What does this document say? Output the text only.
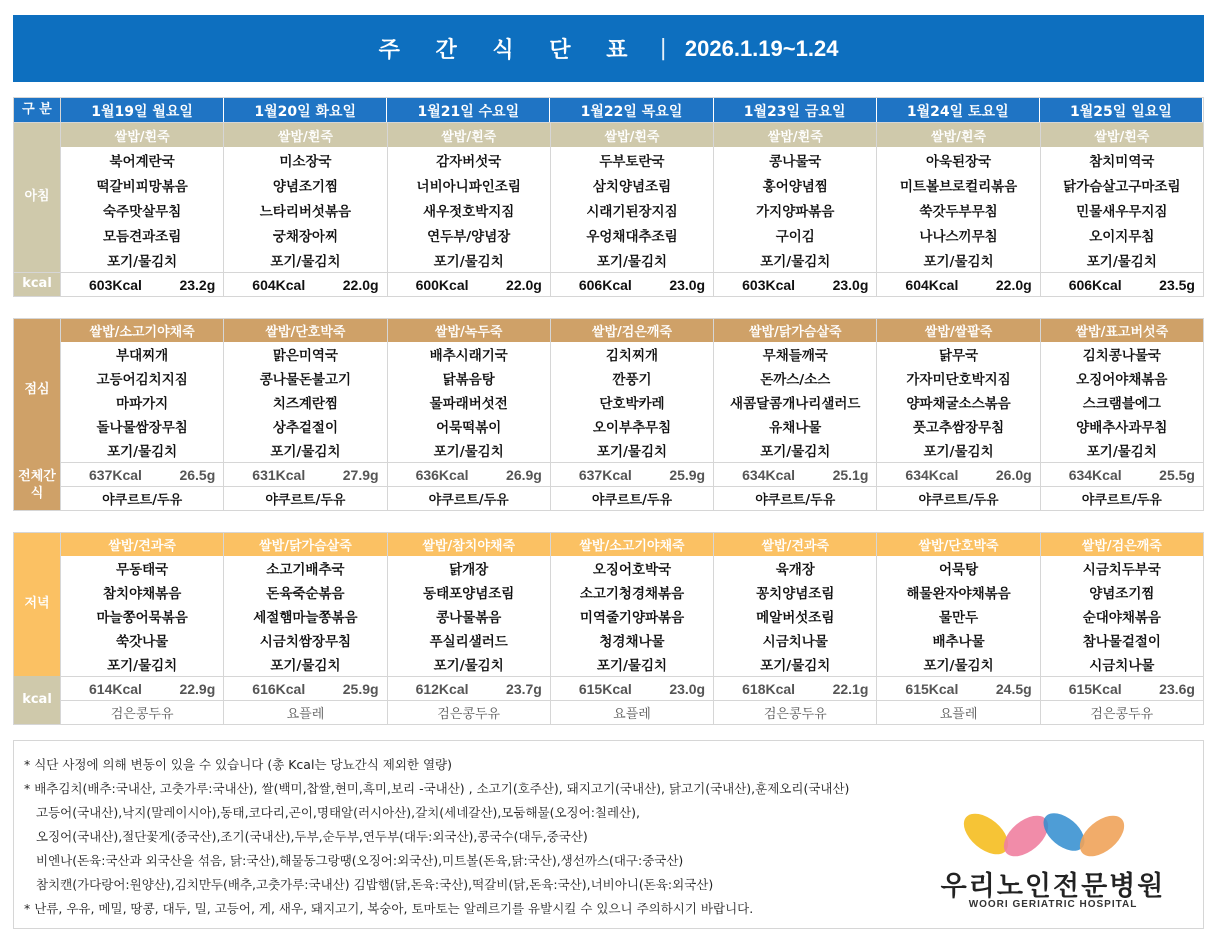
주 간 식 단 표 | 2026.1.19~1.24
구 분	1월19일 월요일	1월20일 화요일	1월21일 수요일	1월22일 목요일	1월23일 금요일	1월24일 토요일	1월25일 일요일
아침
쌀밥/흰죽	쌀밥/흰죽	쌀밥/흰죽	쌀밥/흰죽	쌀밥/흰죽	쌀밥/흰죽	쌀밥/흰죽
북어계란국	미소장국	감자버섯국	두부토란국	콩나물국	아욱된장국	참치미역국
떡갈비피망볶음	양념조기찜	너비아니파인조림	삼치양념조림	홍어양념찜	미트볼브로컬리볶음	닭가슴살고구마조림
숙주맛살무침	느타리버섯볶음	새우젓호박지짐	시래기된장지짐	가지양파볶음	쑥갓두부무침	민물새우무지짐
모듬견과조림	궁채장아찌	연두부/양념장	우엉채대추조림	구이김	나나스끼무침	오이지무침
포기/물김치	포기/물김치	포기/물김치	포기/물김치	포기/물김치	포기/물김치	포기/물김치
kcal	603Kcal	23.2g	604Kcal	22.0g	600Kcal	22.0g	606Kcal	23.0g	603Kcal	23.0g	604Kcal	22.0g	606Kcal	23.5g
점심
쌀밥/소고기야채죽	쌀밥/단호박죽	쌀밥/녹두죽	쌀밥/검은깨죽	쌀밥/닭가슴살죽	쌀밥/쌀팥죽	쌀밥/표고버섯죽
부대찌개	맑은미역국	배추시래기국	김치찌개	무채들깨국	닭무국	김치콩나물국
고등어김치지짐	콩나물돈불고기	닭볶음탕	깐풍기	돈까스/소스	가자미단호박지짐	오징어야채볶음
마파가지	치즈계란찜	물파래버섯전	단호박카레	새콤달콤개나리샐러드	양파채굴소스볶음	스크램블에그
돌나물쌈장무침	상추겉절이	어묵떡볶이	오이부추무침	유채나물	풋고추쌈장무침	양배추사과무침
포기/물김치	포기/물김치	포기/물김치	포기/물김치	포기/물김치	포기/물김치	포기/물김치
전체간식
637Kcal	26.5g	631Kcal	27.9g	636Kcal	26.9g	637Kcal	25.9g	634Kcal	25.1g	634Kcal	26.0g	634Kcal	25.5g
야쿠르트/두유	야쿠르트/두유	야쿠르트/두유	야쿠르트/두유	야쿠르트/두유	야쿠르트/두유	야쿠르트/두유
저녁
쌀밥/견과죽	쌀밥/닭가슴살죽	쌀밥/참치야채죽	쌀밥/소고기야채죽	쌀밥/견과죽	쌀밥/단호박죽	쌀밥/검은깨죽
무동태국	소고기배추국	닭개장	오징어호박국	육개장	어묵탕	시금치두부국
참치야채볶음	돈육죽순볶음	동태포양념조림	소고기청경채볶음	꽁치양념조림	해물완자야채볶음	양념조기찜
마늘쫑어묵볶음	세절햄마늘쫑볶음	콩나물볶음	미역줄기양파볶음	메알버섯조림	물만두	순대야채볶음
쑥갓나물	시금치쌈장무침	푸실리샐러드	청경채나물	시금치나물	배추나물	참나물겉절이
포기/물김치	포기/물김치	포기/물김치	포기/물김치	포기/물김치	포기/물김치	시금치나물
kcal
614Kcal	22.9g	616Kcal	25.9g	612Kcal	23.7g	615Kcal	23.0g	618Kcal	22.1g	615Kcal	24.5g	615Kcal	23.6g
검은콩두유	요플레	검은콩두유	요플레	검은콩두유	요플레	검은콩두유
* 식단 사정에 의해 변동이 있을 수 있습니다 (총 Kcal는 당뇨간식 제외한 열량)
* 배추김치(배추:국내산, 고춧가루:국내산), 쌀(백미,찹쌀,현미,흑미,보리 -국내산) , 소고기(호주산), 돼지고기(국내산), 닭고기(국내산),훈제오리(국내산)
고등어(국내산),낙지(말레이시아),동태,코다리,곤이,명태알(러시아산),갈치(세네갈산),모둠해물(오징어:칠레산),
오징어(국내산),절단꽃게(중국산),조기(국내산),두부,순두부,연두부(대두:외국산),콩국수(대두,중국산)
비엔나(돈육:국산과 외국산을 섞음, 닭:국산),해물동그랑땡(오징어:외국산),미트볼(돈육,닭:국산),생선까스(대구:중국산)
참치캔(가다랑어:원양산),김치만두(배추,고춧가루:국내산) 김밥햄(닭,돈육:국산),떡갈비(닭,돈육:국산),너비아니(돈육:외국산)
* 난류, 우유, 메밀, 땅콩, 대두, 밀, 고등어, 게, 새우, 돼지고기, 복숭아, 토마토는 알레르기를 유발시킬 수 있으니 주의하시기 바랍니다.
우리노인전문병원
WOORI GERIATRIC HOSPITAL
